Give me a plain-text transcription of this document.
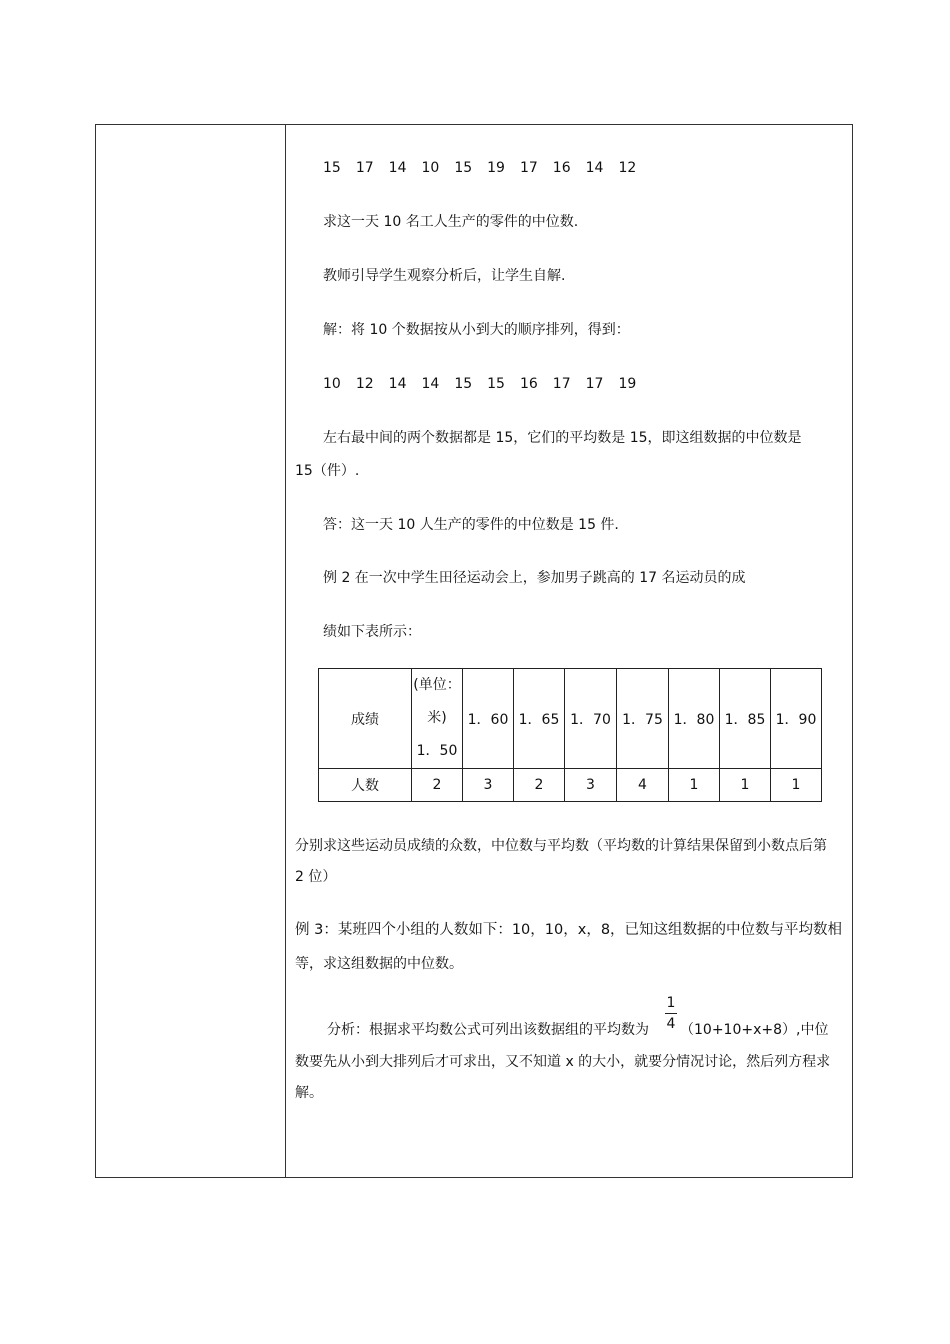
15 17 14 10 15 19 17 16 14 12
求这一天 10 名工人生产的零件的中位数.
教师引导学生观察分析后，让学生自解.
解：将 10 个数据按从小到大的顺序排列，得到：
10 12 14 14 15 15 16 17 17 19
左右最中间的两个数据都是 15，它们的平均数是 15，即这组数据的中位数是
15（件）.
答：这一天 10 人生产的零件的中位数是 15 件.
例 2 在一次中学生田径运动会上，参加男子跳高的 17 名运动员的成
绩如下表所示：
成绩	(单位：
米)
1．50	1．60	1．65	1．70	1．75	1．80	1．85	1．90
人数	2	3	2	3	4	1	1	1
分别求这些运动员成绩的众数，中位数与平均数（平均数的计算结果保留到小数点后第
2 位）
例 3：某班四个小组的人数如下：10，10，x，8，已知这组数据的中位数与平均数相
等，求这组数据的中位数。
分析：根据求平均数公式可列出该数据组的平均数为
1
4 （10+10+x+8）,中位
数要先从小到大排列后才可求出，又不知道 x 的大小，就要分情况讨论，然后列方程求
解。
